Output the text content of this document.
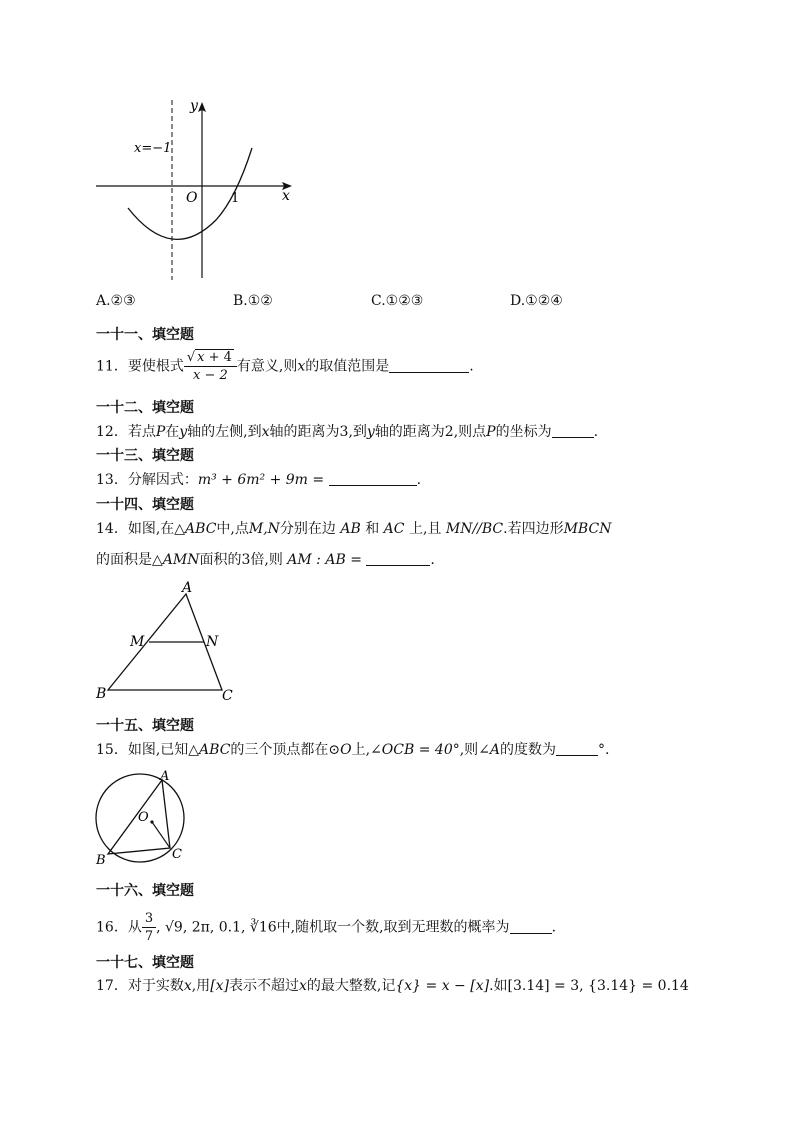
y
x
O	1
x=−1
A.②③	B.①②	C.①②③	D.①②④
一十一、填空题
11．要使根式 $\frac{√ x + 4}{x - 2}$ 有意义,则x的取值范围是	.
一十二、填空题
12．若点P在y轴的左侧,到x轴的距离为3,到y轴的距离为2,则点P的坐标为	.
一十三、填空题
13．分解因式：m³ + 6m² + 9m =	.
一十四、填空题
14．如图,在△ABC中,点M,N分别在边 AB 和 AC 上,且 MN//BC.若四边形MBCN
的面积是△AMN面积的3倍,则 AM : AB =	.
A
M	N
B	C
一十五、填空题
15．如图,已知△ABC的三个顶点都在⊙O上,∠OCB = 40°,则∠A的度数为	°.
A
O
B	C
一十六、填空题
16．从 $\frac{3}{7}$ , √9, 2π, 0.1, ∛16中,随机取一个数,取到无理数的概率为	.
一十七、填空题
17．对于实数x,用[x]表示不超过x的最大整数,记{x} = x − [x].如[3.14] = 3, {3.14} = 0.14
